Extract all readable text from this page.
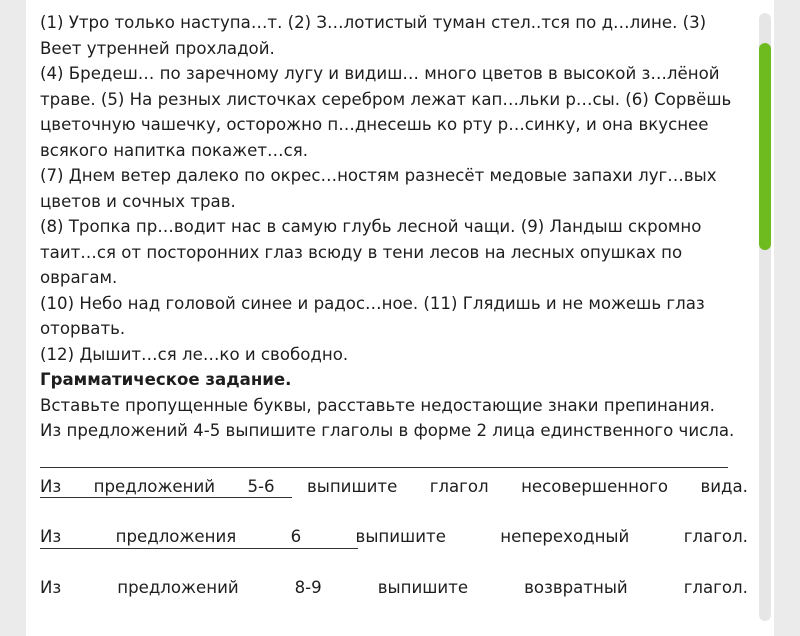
(1) Утро только наступа…т. (2) З…лотистый туман стел..тся по д…лине. (3) Веет утренней прохладой.

(4) Бредеш… по заречному лугу и видиш… много цветов в высокой з…лёной траве. (5) На резных листочках серебром лежат кап…льки р…сы. (6) Сорвёшь цветочную чашечку, осторожно п…днесешь ко рту р…синку, и она вкуснее всякого напитка покажет…ся.

(7) Днем ветер далеко по окрес…ностям разнесёт медовые запахи луг…вых цветов и сочных трав.

(8) Тропка пр…водит нас в самую глубь лесной чащи. (9) Ландыш скромно таит…ся от посторонних глаз всюду в тени лесов на лесных опушках по оврагам.

(10) Небо над головой синее и радос…ное. (11) Глядишь и не можешь глаз оторвать.

(12) Дышит…ся ле…ко и свободно.

Грамматическое задание.

Вставьте пропущенные буквы, расставьте недостающие знаки препинания.

Из предложений 4-5 выпишите глаголы в форме 2 лица единственного числа.

Из предложений 5-6 выпишите глагол несовершенного вида.
Из	предложения	6	выпишите	непереходный	глагол.
Из	предложений	8-9	выпишите	возвратный	глагол.
